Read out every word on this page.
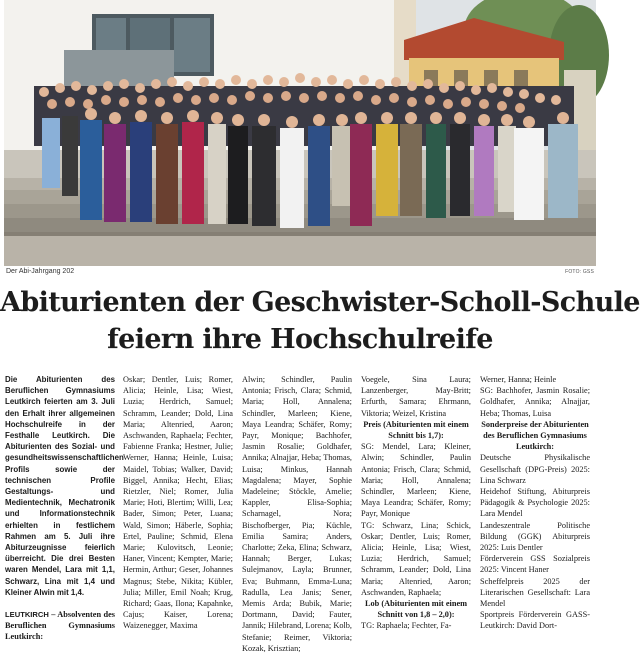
Der Abi-Jahrgang 202	FOTO: GSS
Abiturienten der Geschwister-Scholl-Schule
feiern ihre Hochschulreife

Die Abiturienten des Beruflichen Gymnasiums Leutkirch feierten am 3. Juli den Erhalt ihrer allgemeinen Hochschulreife in der Festhalle Leutkirch. Die Abiturienten des Sozial- und gesundheitswissenschaftlichen Profils sowie der technischen Profile Gestaltungs- und Medientechnik, Mechatronik und Informationstechnik erhielten in festlichem Rahmen am 5. Juli ihre Abiturzeugnisse feierlich überreicht. Die drei Besten waren Mendel, Lara mit 1,1, Schwarz, Lina mit 1,4 und Kleiner Alwin mit 1,4.

LEUTKIRCH – Absolventen des Beruflichen Gymnasiums Leutkirch:

Oskar; Dentler, Luis; Romer, Alicia; Heinle, Lisa; Wiest, Luzia; Herdrich, Samuel; Schramm, Leander; Dold, Lina Maria; Altenried, Aaron; Aschwanden, Raphaela; Fechter, Fabienne Franka; Hestner, Julie; Werner, Hanna; Heinle, Luisa; Maidel, Tobias; Walker, David; Biggel, Annika; Hecht, Elias; Rietzler, Niel; Romer, Julia Marie; Hoti, Blertim; Willi, Lea; Bader, Simon; Peter, Luana; Wald, Simon; Häberle, Sophia; Ertel, Pauline; Schmid, Elena Marie; Kulovitsch, Leonie; Haner, Vincent; Kempter, Marie; Hermin, Arthur; Geser, Johannes Magnus; Stebe, Nikita; Kübler, Julia; Miller, Emil Noah; Krug, Richard; Gaas, Ilona; Kapahnke, Cajus; Kaiser, Lorena; Waizenegger, Maxima

Alwin; Schindler, Paulin Antonia; Frisch, Clara; Schmid, Maria; Holl, Annalena; Schindler, Marleen; Kiene, Maya Leandra; Schäfer, Romy; Payr, Monique; Bachhofer, Jasmin Rosalie; Goldhafer, Annika; Alnajjar, Heba; Thomas, Luisa; Minkus, Hannah Magdalena; Mayer, Sophie Madeleine; Stöckle, Amelie; Kappler, Elisa-Sophia; Scharnagel, Nora; Bischofberger, Pia; Küchle, Emilia Samira; Anders, Charlotte; Zeka, Elina; Schwarz, Hannah; Berger, Lukas; Sulejmanov, Layla; Brunner, Eva; Buhmann, Emma-Luna; Radulla, Lea Janis; Sener, Memis Arda; Bubik, Marie; Dortmann, David; Fauter, Jannik; Hilebrand, Lorena; Kolb, Stefanie; Reimer, Viktoria; Kozak, Krisztian;

Voegele, Sina Laura; Lanzenberger, May-Britt; Erfurth, Samara; Ehrmann, Viktoria; Weizel, Kristina

Preis (Abiturienten mit einem Schnitt bis 1,7):

SG: Mendel, Lara; Kleiner, Alwin; Schindler, Paulin Antonia; Frisch, Clara; Schmid, Maria; Holl, Annalena; Schindler, Marleen; Kiene, Maya Leandra; Schäfer, Romy; Payr, Monique

TG: Schwarz, Lina; Schick, Oskar; Dentler, Luis; Romer, Alicia; Heinle, Lisa; Wiest, Luzia; Herdrich, Samuel; Schramm, Leander; Dold, Lina Maria; Altenried, Aaron; Aschwanden, Raphaela;

Lob (Abiturienten mit einem Schnitt von 1,8 – 2,0):

TG: Raphaela; Fechter, Fa-

Werner, Hanna; Heinle

SG: Bachhofer, Jasmin Rosalie; Goldhafer, Annika; Alnajjar, Heba; Thomas, Luisa

Sonderpreise der Abiturienten des Beruflichen Gymnasiums Leutkirch:

Deutsche Physikalische Gesellschaft (DPG-Preis) 2025: Lina Schwarz

Heidehof Stiftung, Abiturpreis Pädagogik & Psychologie 2025: Lara Mendel

Landeszentrale Politische Bildung (GGK) Abiturpreis 2025: Luis Dentler

Förderverein GSS Sozialpreis 2025: Vincent Haner

Scheffelpreis 2025 der Literarischen Gesellschaft: Lara Mendel

Sportpreis Förderverein GASS-Leutkirch: David Dort-
